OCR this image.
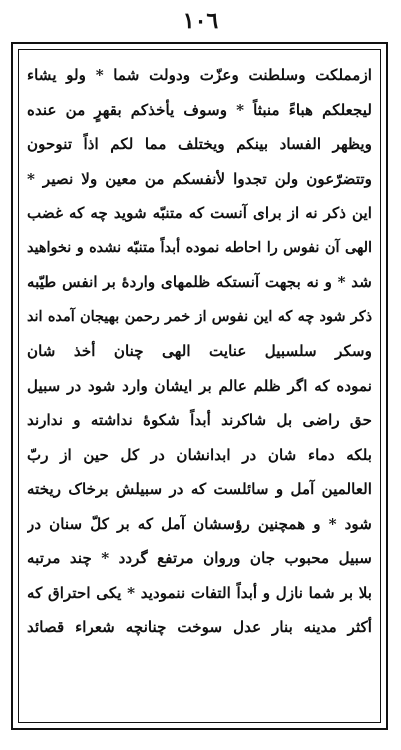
۱۰٦
ازمملکت وسلطنت وعزّت ودولت شما * ولو یشاء
لیجعلکم هباءً منبثاً * وسوف یأخذکم بقهرٍ من عنده
ویظهر الفساد بینکم ویختلف مما لکم اذاً تنوحون
وتتضرّعون ولن تجدوا لأنفسکم من معین ولا نصیر *
این ذکر نه از برای آنست که متنبّه شوید چه که غضب
الهی آن نفوس را احاطه نموده أبداً متنبّه نشده و نخواهید
شد * و نه بجهت آنستکه ظلمهای واردهٔ بر انفس طیّبه
ذکر شود چه که این نفوس از خمر رحمن بهیجان آمده اند
وسکر سلسبیل عنایت الهی چنان أخذ شان
نموده که اگر ظلم عالم بر ایشان وارد شود در سبیل
حق راضی بل شاکرند أبداً شکوهٔ نداشته و ندارند
بلکه دماء شان در ابدانشان در کل حین از ربّ
العالمین آمل و سائلست که در سبیلش برخاک ریخته
شود * و همچنین رؤسشان آمل که بر کلّ سنان در
سبیل محبوب جان وروان مرتفع گردد * چند مرتبه
بلا بر شما نازل و أبداً التفات ننمودید * یکی احتراق که
أکثر مدینه بنار عدل سوخت چنانچه شعراء قصائد
